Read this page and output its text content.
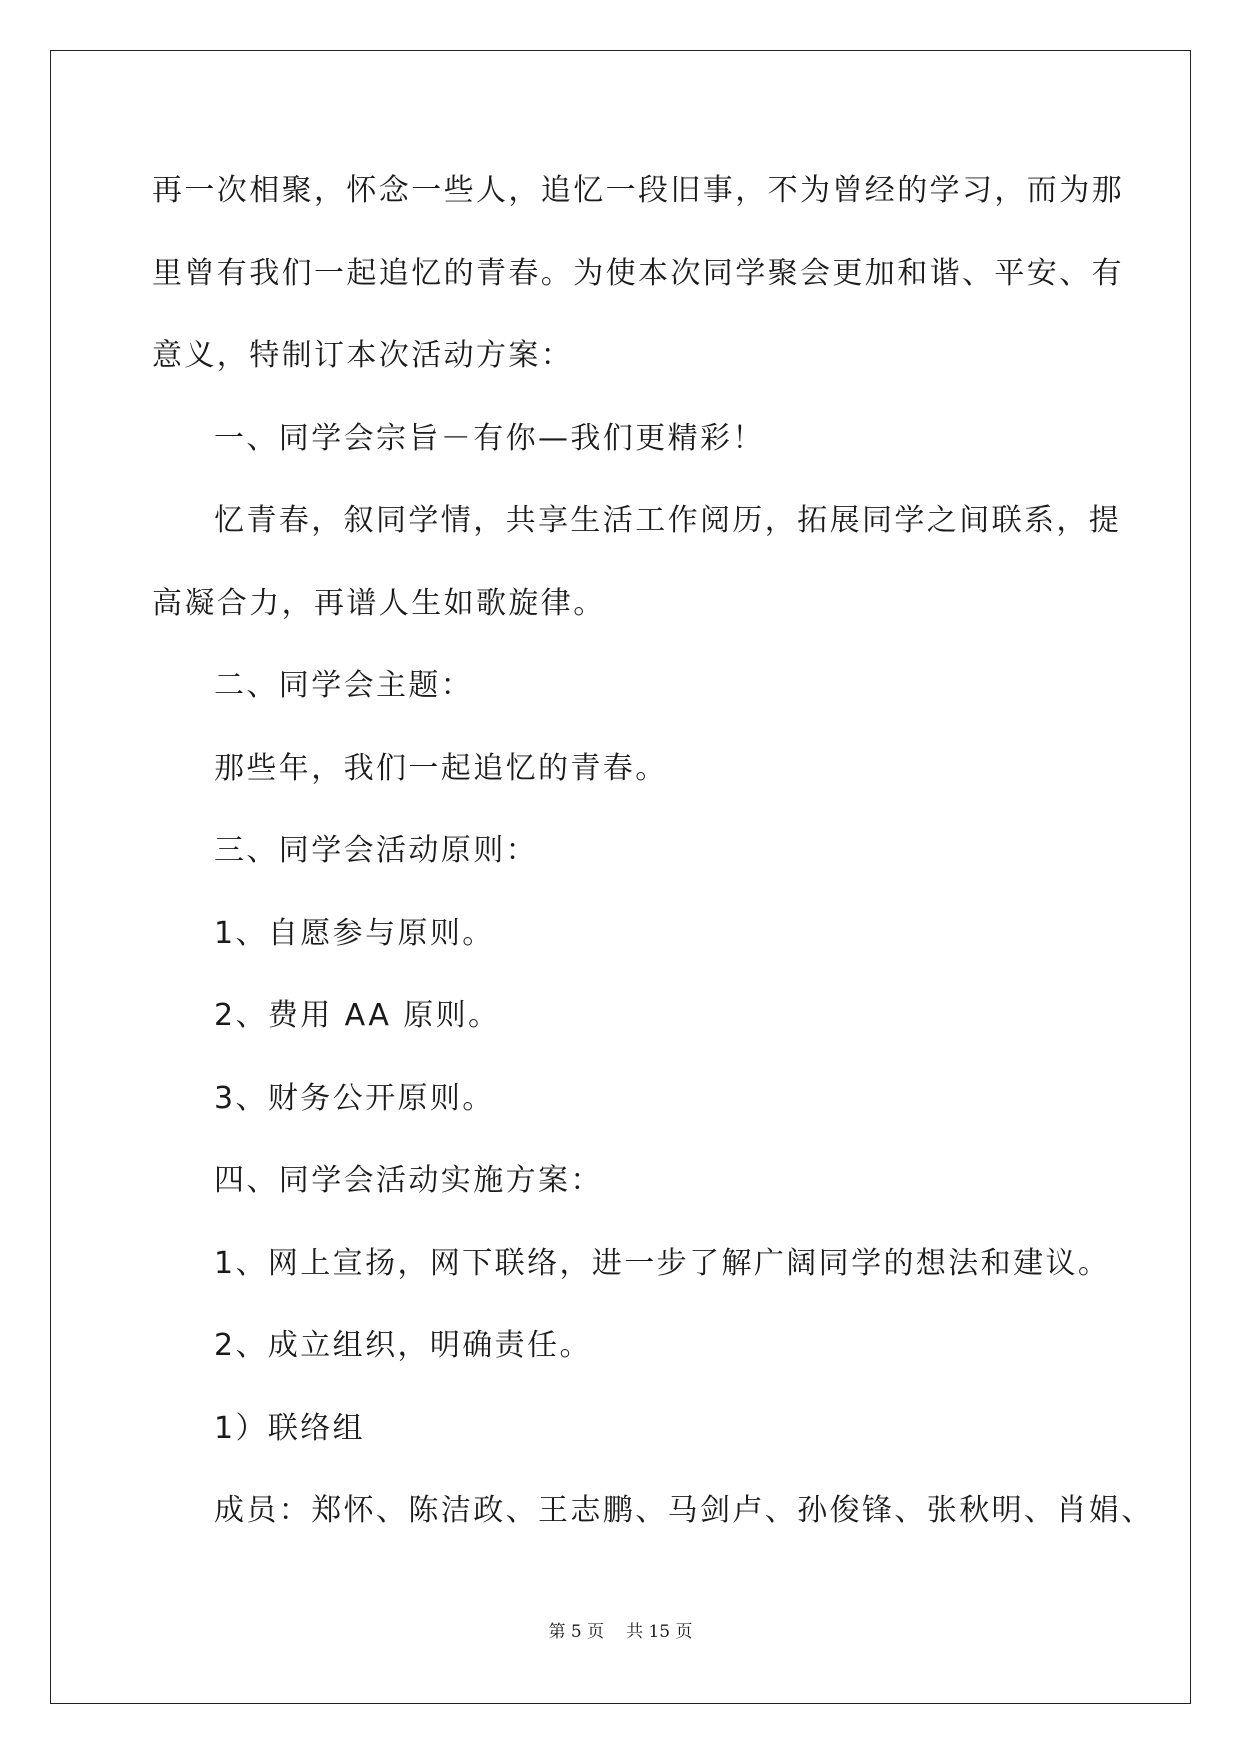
再一次相聚，怀念一些人，追忆一段旧事，不为曾经的学习，而为那
里曾有我们一起追忆的青春。为使本次同学聚会更加和谐、平安、有
意义，特制订本次活动方案：
一、同学会宗旨－有你—我们更精彩！
忆青春，叙同学情，共享生活工作阅历，拓展同学之间联系，提
高凝合力，再谱人生如歌旋律。
二、同学会主题：
那些年，我们一起追忆的青春。
三、同学会活动原则：
1、自愿参与原则。
2、费用 AA 原则。
3、财务公开原则。
四、同学会活动实施方案：
1、网上宣扬，网下联络，进一步了解广阔同学的想法和建议。
2、成立组织，明确责任。
1）联络组
成员：郑怀、陈洁政、王志鹏、马剑卢、孙俊锋、张秋明、肖娟、
第 5 页 共 15 页
